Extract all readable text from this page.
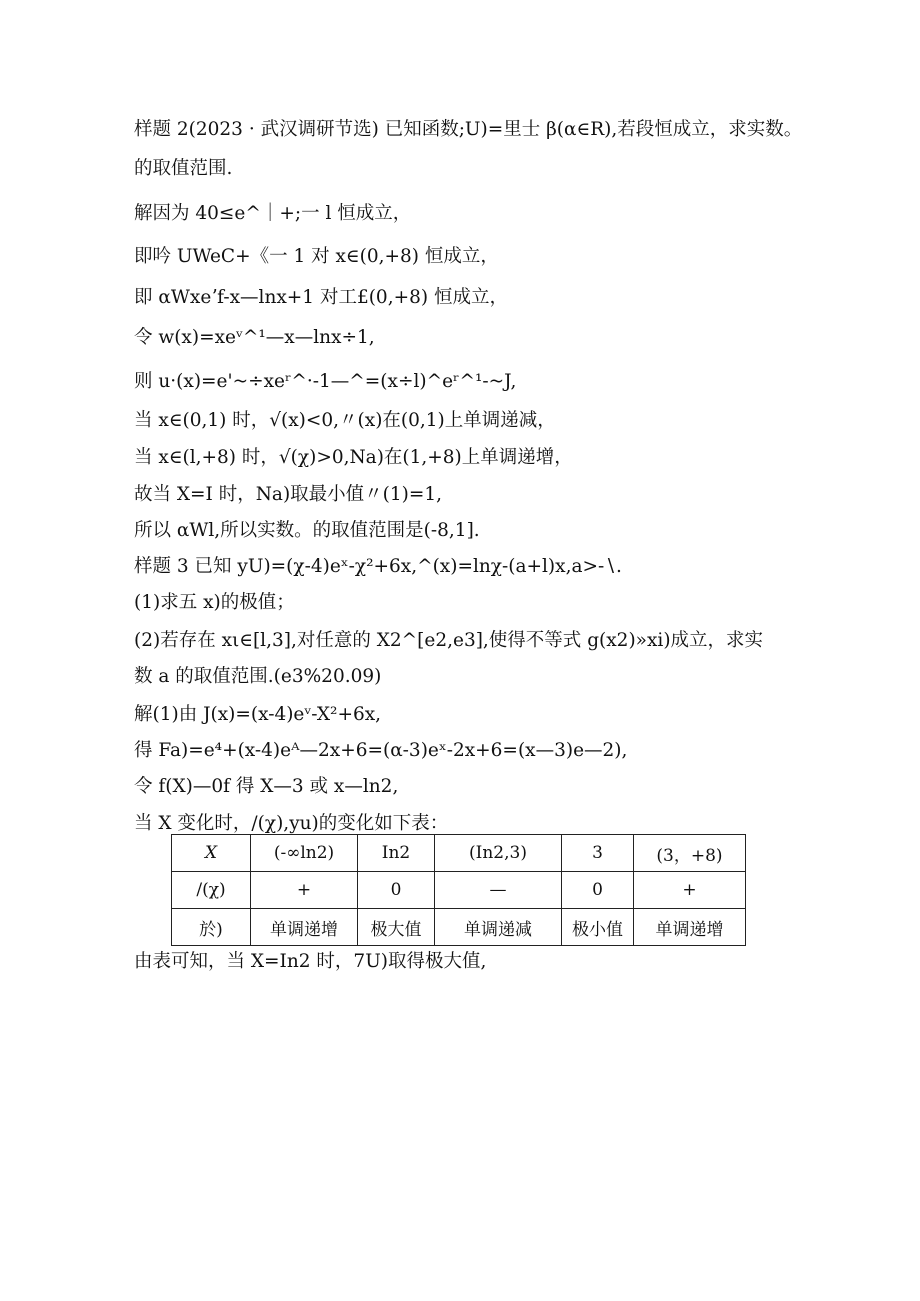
样题 2(2023 · 武汉调研节选) 已知函数;U)=里士 β(α∈R),若段恒成立，求实数。
的取值范围.
解因为 40≤e^｜+;一 l 恒成立，
即吟 UWeC+《一 1 对 x∈(0,+8) 恒成立，
即 αWxeʼf-x—lnx+1 对工£(0,+8) 恒成立，
令 w(x)=xeᵛ^¹—x—lnx÷1,
则 u·(x)=e'~÷xeʳ^·-1—^=(x÷l)^eʳ^¹-~J,
当 x∈(0,1) 时，√(x)<0,〃(x)在(0,1)上单调递减，
当 x∈(l,+8) 时，√(χ)>0,Na)在(1,+8)上单调递增，
故当 X=I 时，Na)取最小值〃(1)=1,
所以 αWl,所以实数。的取值范围是(-8,1].
样题 3 已知 yU)=(χ-4)eˣ-χ²+6x,^(x)=lnχ-(a+l)x,a>-∖.
(1)求五 x)的极值；
(2)若存在 xι∈[l,3],对任意的 X2^[e2,e3],使得不等式 g(x2)»xi)成立，求实
数 a 的取值范围.(e3%20.09)
解(1)由 J(x)=(x-4)eᵛ-X²+6x,
得 Fa)=e⁴+(x-4)eᴬ—2x+6=(α-3)eˣ-2x+6=(x—3)e—2),
令 f(X)—0f 得 X—3 或 x—ln2,
当 X 变化时，/(χ),yu)的变化如下表：
X	(-∞ln2)	In2	(In2,3)	3	(3，+8)
/(χ)	+	0	—	0	+
於)	单调递增	极大值	单调递减	极小值	单调递增
由表可知，当 X=In2 时，7U)取得极大值,
